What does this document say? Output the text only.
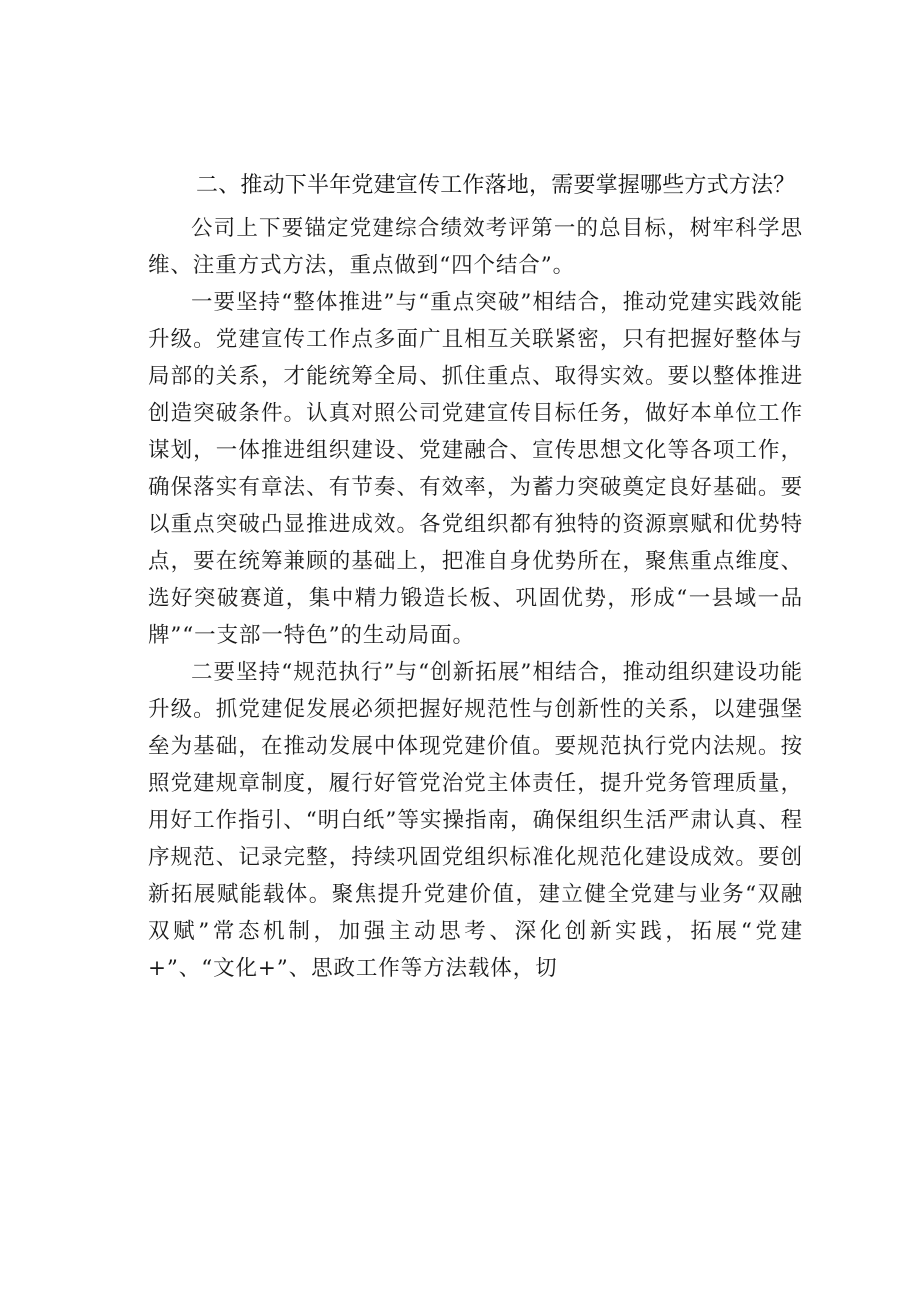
二、推动下半年党建宣传工作落地，需要掌握哪些方式方法？

公司上下要锚定党建综合绩效考评第一的总目标，树牢科学思维、注重方式方法，重点做到“四个结合”。

一要坚持“整体推进”与“重点突破”相结合，推动党建实践效能升级。党建宣传工作点多面广且相互关联紧密，只有把握好整体与局部的关系，才能统筹全局、抓住重点、取得实效。要以整体推进创造突破条件。认真对照公司党建宣传目标任务，做好本单位工作谋划，一体推进组织建设、党建融合、宣传思想文化等各项工作，确保落实有章法、有节奏、有效率，为蓄力突破奠定良好基础。要以重点突破凸显推进成效。各党组织都有独特的资源禀赋和优势特点，要在统筹兼顾的基础上，把准自身优势所在，聚焦重点维度、选好突破赛道，集中精力锻造长板、巩固优势，形成“一县域一品牌”“一支部一特色”的生动局面。

二要坚持“规范执行”与“创新拓展”相结合，推动组织建设功能升级。抓党建促发展必须把握好规范性与创新性的关系，以建强堡垒为基础，在推动发展中体现党建价值。要规范执行党内法规。按照党建规章制度，履行好管党治党主体责任，提升党务管理质量，用好工作指引、“明白纸”等实操指南，确保组织生活严肃认真、程序规范、记录完整，持续巩固党组织标准化规范化建设成效。要创新拓展赋能载体。聚焦提升党建价值，建立健全党建与业务“双融双赋”常态机制，加强主动思考、深化创新实践，拓展“党建+”、“文化+”、思政工作等方法载体，切
